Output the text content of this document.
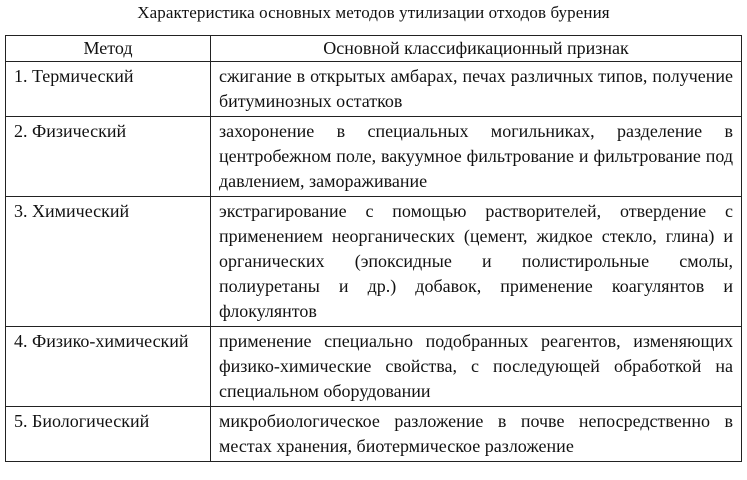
Характеристика основных методов утилизации отходов бурения
Метод	Основной классификационный признак
1. Термический	сжигание в открытых амбарах, печах различных типов, получение битуминозных остатков
2. Физический	захоронение в специальных могильниках, разделение в центробежном поле, вакуумное фильтрование и фильтрование под давлением, замораживание
3. Химический	экстрагирование с помощью растворителей, отвердение с применением неорганических (цемент, жидкое стекло, глина) и органических (эпоксидные и полистирольные смолы, полиуретаны и др.) добавок, применение коагулянтов и флокулянтов
4. Физико-химический	применение специально подобранных реагентов, изменяющих физико-химические свойства, с последующей обработкой на специальном оборудовании
5. Биологический	микробиологическое разложение в почве непосредственно в местах хранения, биотермическое разложение
